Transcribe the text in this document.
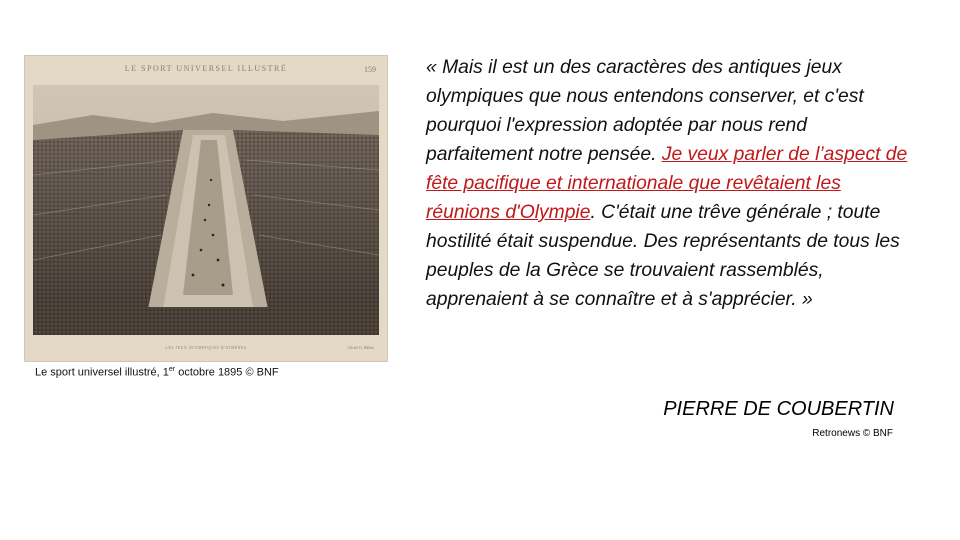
LE SPORT UNIVERSEL ILLUSTRÉ	159
LES JEUX OLYMPIQUES D'ATHÈNES	Cliché G. Hélias
Le sport universel illustré, 1er octobre 1895 © BNF
« Mais il est un des caractères des antiques jeux olympiques que nous entendons conserver, et c'est pourquoi l'expression adoptée par nous rend parfaitement notre pensée. Je veux parler de l’aspect de fête pacifique et internationale que revêtaient les réunions d'Olympie. C'était une trêve générale ; toute hostilité était suspendue. Des représentants de tous les peuples de la Grèce se trouvaient rassemblés, apprenaient à se connaître et à s'apprécier. »
PIERRE DE COUBERTIN
Retronews © BNF
